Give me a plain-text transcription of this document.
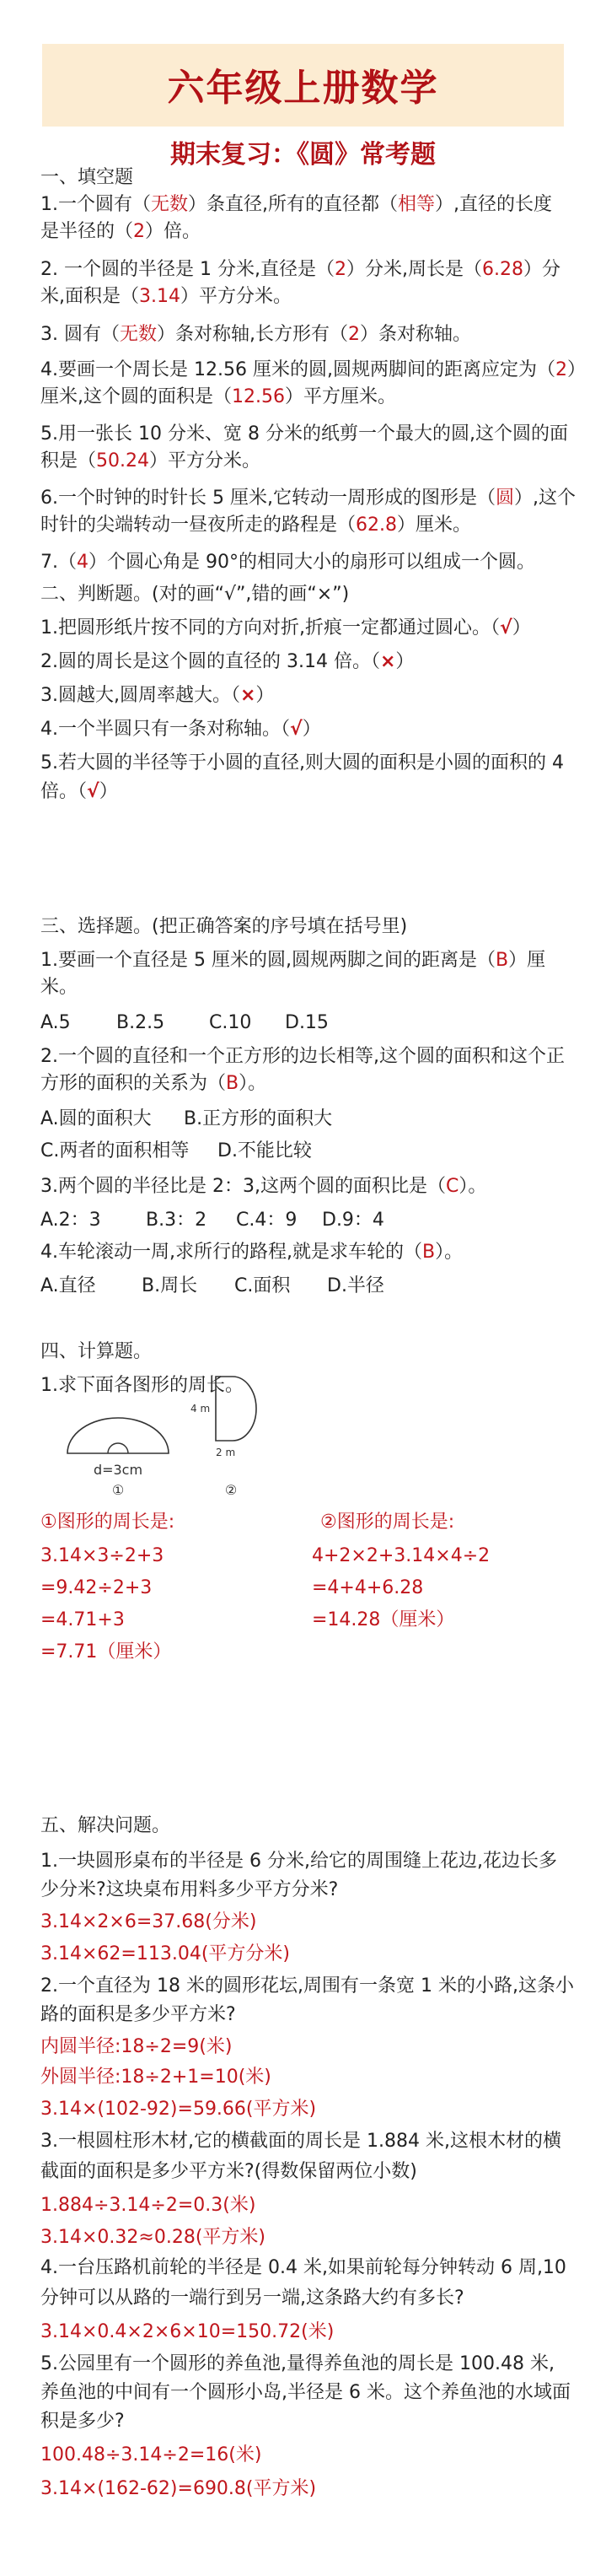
六年级上册数学
期末复习：《圆》常考题
一、填空题
1.一个圆有（无数）条直径,所有的直径都（相等）,直径的长度
是半径的（2）倍。
2. 一个圆的半径是 1 分米,直径是（2）分米,周长是（6.28）分
米,面积是（3.14）平方分米。
3. 圆有（无数）条对称轴,长方形有（2）条对称轴。
4.要画一个周长是 12.56 厘米的圆,圆规两脚间的距离应定为（2）
厘米,这个圆的面积是（12.56）平方厘米。
5.用一张长 10 分米、宽 8 分米的纸剪一个最大的圆,这个圆的面
积是（50.24）平方分米。
6.一个时钟的时针长 5 厘米,它转动一周形成的图形是（圆）,这个
时针的尖端转动一昼夜所走的路程是（62.8）厘米。
7.（4）个圆心角是 90°的相同大小的扇形可以组成一个圆。
二、判断题。(对的画“√”,错的画“×”)
1.把圆形纸片按不同的方向对折,折痕一定都通过圆心。（√）
2.圆的周长是这个圆的直径的 3.14 倍。（×）
3.圆越大,圆周率越大。（×）
4.一个半圆只有一条对称轴。（√）
5.若大圆的半径等于小圆的直径,则大圆的面积是小圆的面积的 4
倍。（√）
三、选择题。(把正确答案的序号填在括号里)
1.要画一个直径是 5 厘米的圆,圆规两脚之间的距离是（B）厘
米。
A.5 B.2.5 C.10 D.15
2.一个圆的直径和一个正方形的边长相等,这个圆的面积和这个正
方形的面积的关系为（B）。
A.圆的面积大 B.正方形的面积大
C.两者的面积相等 D.不能比较
3.两个圆的半径比是 2：3,这两个圆的面积比是（C）。
A.2：3 B.3：2 C.4：9 D.9：4
4.车轮滚动一周,求所行的路程,就是求车轮的（B）。
A.直径 B.周长 C.面积 D.半径
四、计算题。
1.求下面各图形的周长。
d=3cm
①
4 m
2 m
②
①图形的周长是:
3.14×3÷2+3
=9.42÷2+3
=4.71+3
=7.71（厘米）
②图形的周长是:
4+2×2+3.14×4÷2
=4+4+6.28
=14.28（厘米）
五、解决问题。
1.一块圆形桌布的半径是 6 分米,给它的周围缝上花边,花边长多
少分米?这块桌布用料多少平方分米?
3.14×2×6=37.68(分米)
3.14×62=113.04(平方分米)
2.一个直径为 18 米的圆形花坛,周围有一条宽 1 米的小路,这条小
路的面积是多少平方米?
内圆半径:18÷2=9(米)
外圆半径:18÷2+1=10(米)
3.14×(102-92)=59.66(平方米)
3.一根圆柱形木材,它的横截面的周长是 1.884 米,这根木材的横
截面的面积是多少平方米?(得数保留两位小数)
1.884÷3.14÷2=0.3(米)
3.14×0.32≈0.28(平方米)
4.一台压路机前轮的半径是 0.4 米,如果前轮每分钟转动 6 周,10
分钟可以从路的一端行到另一端,这条路大约有多长?
3.14×0.4×2×6×10=150.72(米)
5.公园里有一个圆形的养鱼池,量得养鱼池的周长是 100.48 米,
养鱼池的中间有一个圆形小岛,半径是 6 米。这个养鱼池的水域面
积是多少?
100.48÷3.14÷2=16(米)
3.14×(162-62)=690.8(平方米)
